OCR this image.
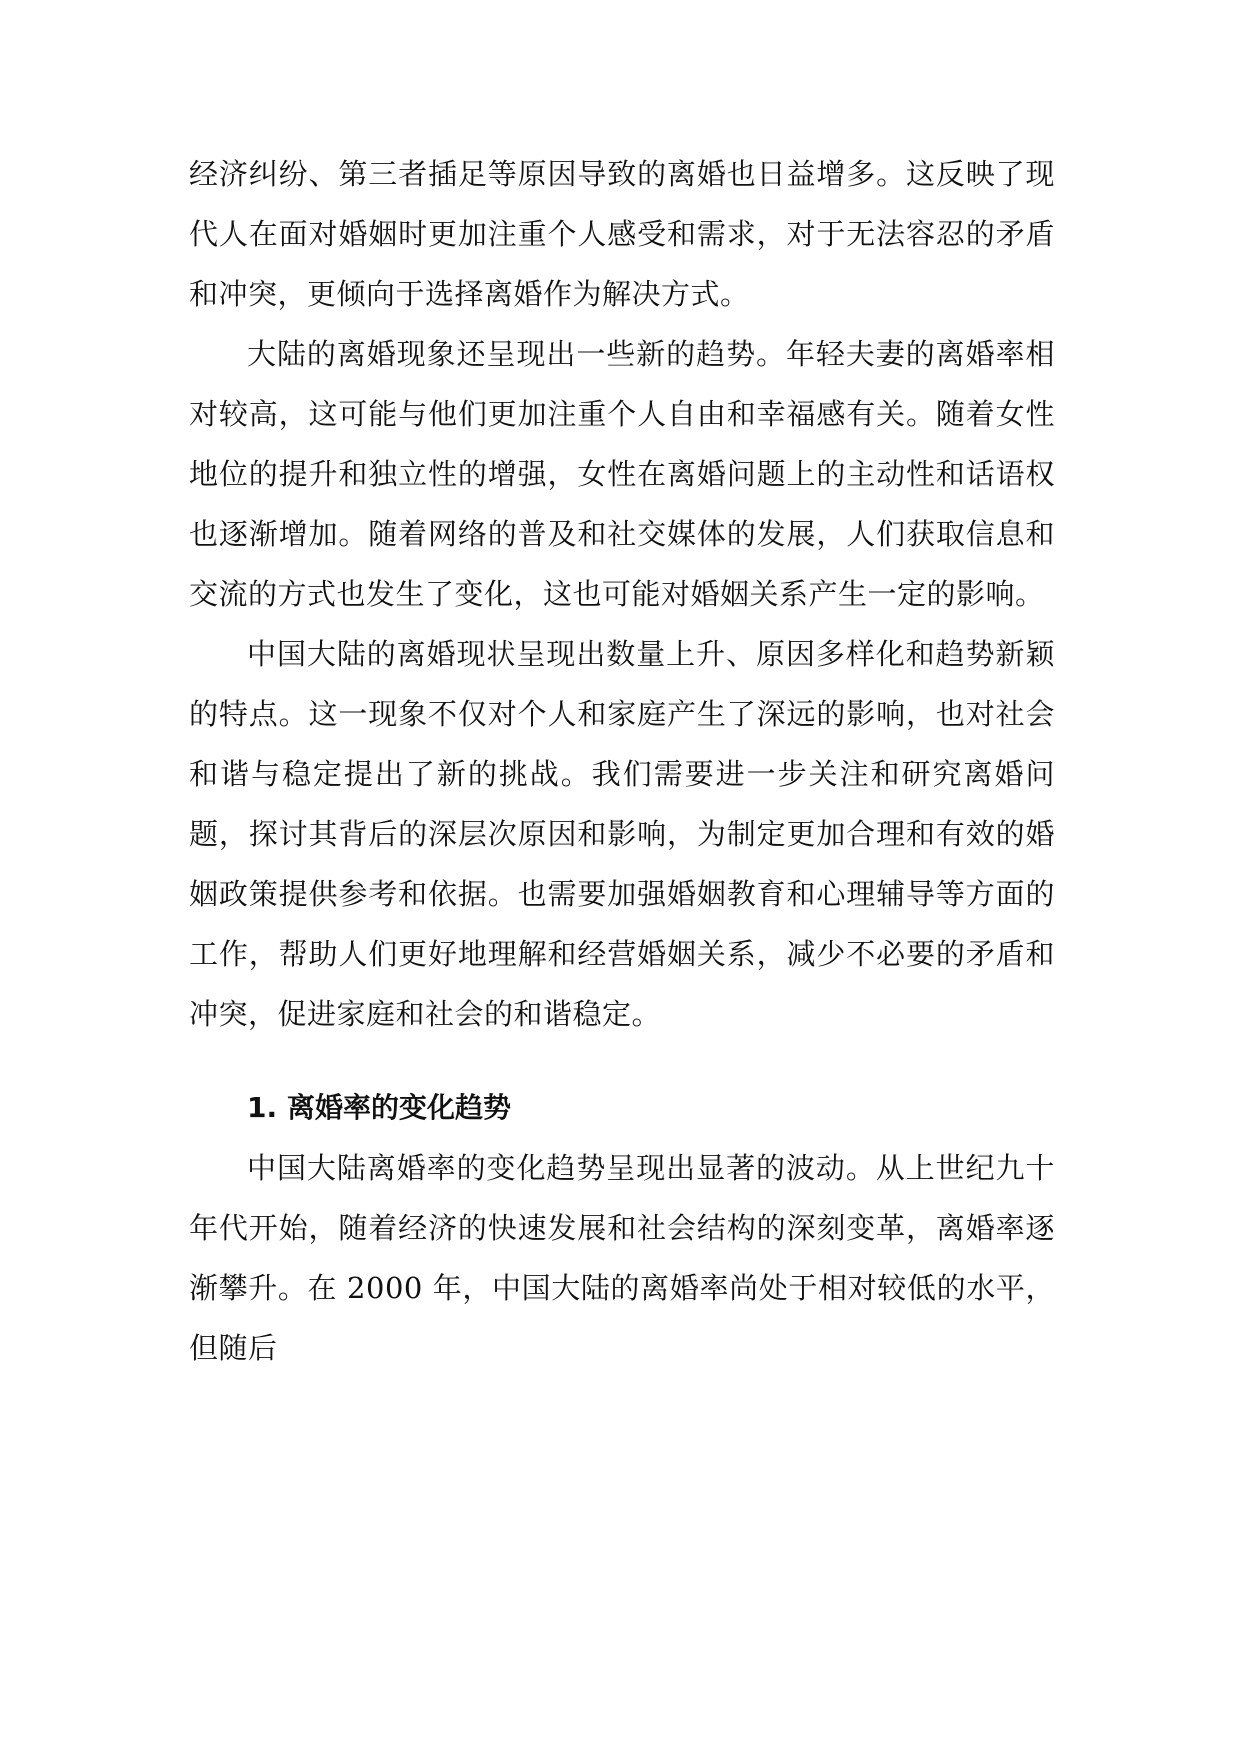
经济纠纷、第三者插足等原因导致的离婚也日益增多。这反映了现代人在面对婚姻时更加注重个人感受和需求，对于无法容忍的矛盾和冲突，更倾向于选择离婚作为解决方式。

大陆的离婚现象还呈现出一些新的趋势。年轻夫妻的离婚率相对较高，这可能与他们更加注重个人自由和幸福感有关。随着女性地位的提升和独立性的增强，女性在离婚问题上的主动性和话语权也逐渐增加。随着网络的普及和社交媒体的发展，人们获取信息和交流的方式也发生了变化，这也可能对婚姻关系产生一定的影响。

中国大陆的离婚现状呈现出数量上升、原因多样化和趋势新颖的特点。这一现象不仅对个人和家庭产生了深远的影响，也对社会和谐与稳定提出了新的挑战。我们需要进一步关注和研究离婚问题，探讨其背后的深层次原因和影响，为制定更加合理和有效的婚姻政策提供参考和依据。也需要加强婚姻教育和心理辅导等方面的工作，帮助人们更好地理解和经营婚姻关系，减少不必要的矛盾和冲突，促进家庭和社会的和谐稳定。

1. 离婚率的变化趋势

中国大陆离婚率的变化趋势呈现出显著的波动。从上世纪九十年代开始，随着经济的快速发展和社会结构的深刻变革，离婚率逐渐攀升。在 2000 年，中国大陆的离婚率尚处于相对较低的水平，但随后
